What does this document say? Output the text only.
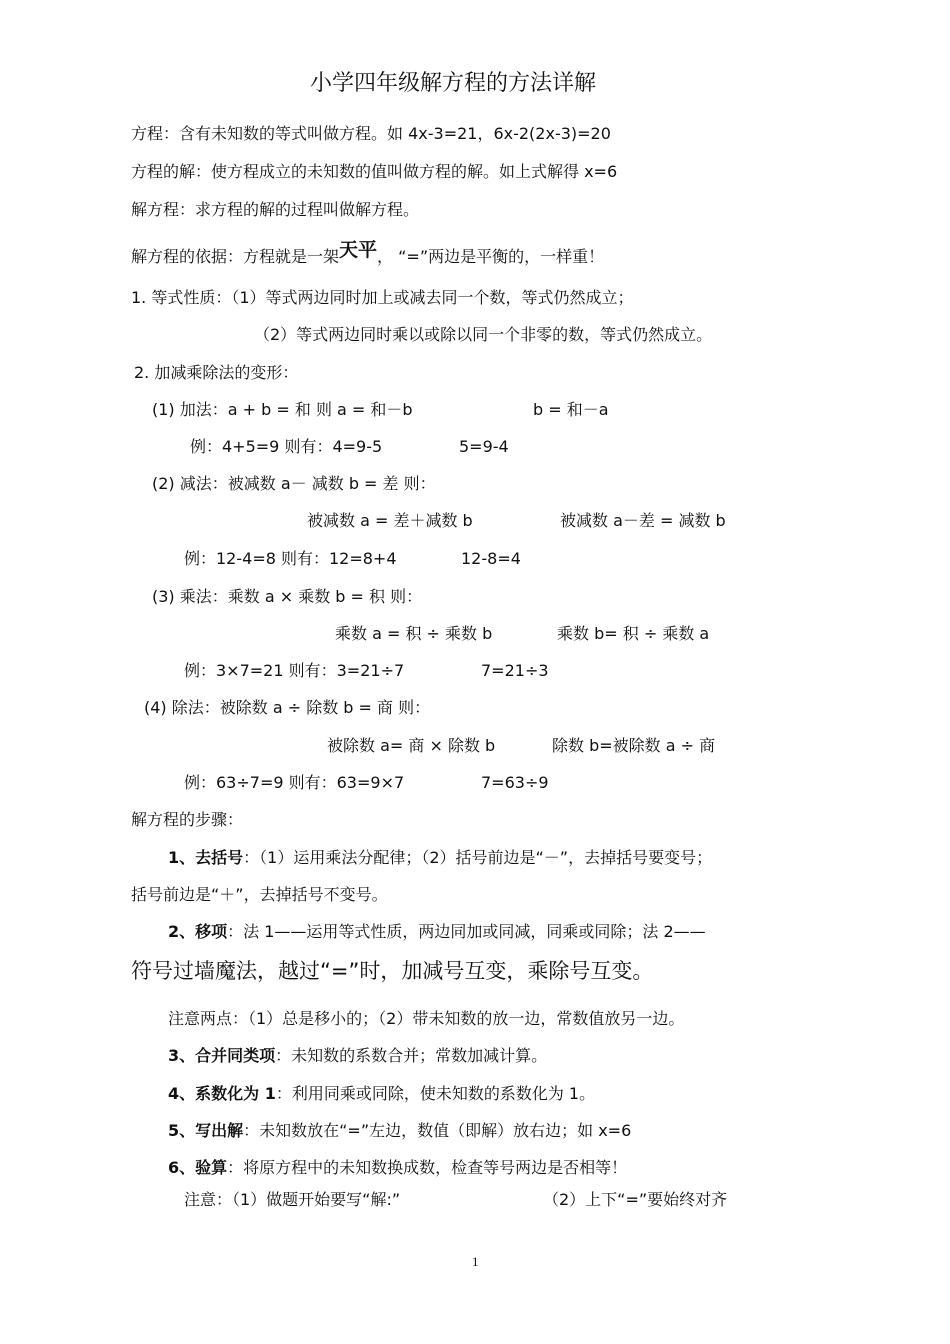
小学四年级解方程的方法详解
方程：含有未知数的等式叫做方程。如 4x-3=21，6x-2(2x-3)=20
方程的解：使方程成立的未知数的值叫做方程的解。如上式解得 x=6
解方程：求方程的解的过程叫做解方程。
解方程的依据：方程就是一架天平， “=”两边是平衡的，一样重！
1. 等式性质：（1）等式两边同时加上或减去同一个数，等式仍然成立；
（2）等式两边同时乘以或除以同一个非零的数，等式仍然成立。
2. 加减乘除法的变形：
(1) 加法：a + b = 和 则 a = 和－b	b = 和－a
例：4+5=9 则有：4=9-5	5=9-4
(2) 减法：被减数 a－ 减数 b = 差 则：
被减数 a = 差＋减数 b	被减数 a－差 = 减数 b
例：12-4=8 则有：12=8+4	12-8=4
(3) 乘法：乘数 a × 乘数 b = 积 则：
乘数 a = 积 ÷ 乘数 b	乘数 b= 积 ÷ 乘数 a
例：3×7=21 则有：3=21÷7	7=21÷3
(4) 除法：被除数 a ÷ 除数 b = 商 则：
被除数 a= 商 × 除数 b	除数 b=被除数 a ÷ 商
例：63÷7=9 则有：63=9×7	7=63÷9
解方程的步骤：
1、去括号：（1）运用乘法分配律；（2）括号前边是“－”，去掉括号要变号；
括号前边是“＋”，去掉括号不变号。
2、移项：法 1——运用等式性质，两边同加或同减，同乘或同除；法 2——
符号过墙魔法，越过“=”时，加减号互变，乘除号互变。
注意两点：（1）总是移小的；（2）带未知数的放一边，常数值放另一边。
3、合并同类项：未知数的系数合并；常数加减计算。
4、系数化为 1：利用同乘或同除，使未知数的系数化为 1。
5、写出解：未知数放在“=”左边，数值（即解）放右边；如 x=6
6、验算：将原方程中的未知数换成数，检查等号两边是否相等！
注意：（1）做题开始要写“解:”	（2）上下“=”要始终对齐
1
